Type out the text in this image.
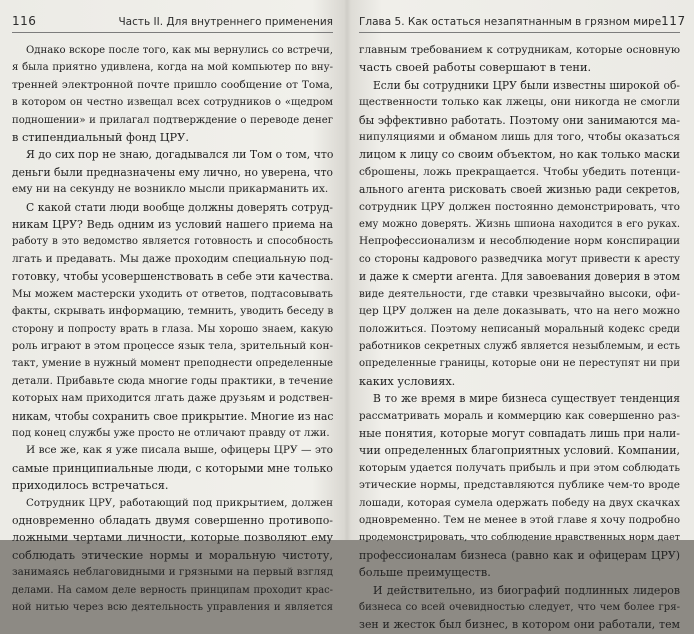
116	Часть II. Для внутреннего применения
Однако вскоре после того, как мы вернулись со встречи,
я была приятно удивлена, когда на мой компьютер по вну-
тренней электронной почте пришло сообщение от Тома,
в котором он честно извещал всех сотрудников о «щедром
подношении» и прилагал подтверждение о переводе денег
в стипендиальный фонд ЦРУ.
Я до сих пор не знаю, догадывался ли Том о том, что
деньги были предназначены ему лично, но уверена, что
ему ни на секунду не возникло мысли прикарманить их.
С какой стати люди вообще должны доверять сотруд-
никам ЦРУ? Ведь одним из условий нашего приема на
работу в это ведомство является готовность и способность
лгать и предавать. Мы даже проходим специальную под-
готовку, чтобы усовершенствовать в себе эти качества.
Мы можем мастерски уходить от ответов, подтасовывать
факты, скрывать информацию, темнить, уводить беседу в
сторону и попросту врать в глаза. Мы хорошо знаем, какую
роль играют в этом процессе язык тела, зрительный кон-
такт, умение в нужный момент преподнести определенные
детали. Прибавьте сюда многие годы практики, в течение
которых нам приходится лгать даже друзьям и родствен-
никам, чтобы сохранить свое прикрытие. Многие из нас
под конец службы уже просто не отличают правду от лжи.
И все же, как я уже писала выше, офицеры ЦРУ — это
самые принципиальные люди, с которыми мне только
приходилось встречаться.
Сотрудник ЦРУ, работающий под прикрытием, должен
одновременно обладать двумя совершенно противопо-
ложными чертами личности, которые позволяют ему
соблюдать этические нормы и моральную чистоту,
занимаясь неблаговидными и грязными на первый взгляд
делами. На самом деле верность принципам проходит крас-
ной нитью через всю деятельность управления и является
Глава 5. Как остаться незапятнанным в грязном мире 117
главным требованием к сотрудникам, которые основную
часть своей работы совершают в тени.
Если бы сотрудники ЦРУ были известны широкой об-
щественности только как лжецы, они никогда не смогли
бы эффективно работать. Поэтому они занимаются ма-
нипуляциями и обманом лишь для того, чтобы оказаться
лицом к лицу со своим объектом, но как только маски
сброшены, ложь прекращается. Чтобы убедить потенци-
ального агента рисковать своей жизнью ради секретов,
сотрудник ЦРУ должен постоянно демонстрировать, что
ему можно доверять. Жизнь шпиона находится в его руках.
Непрофессионализм и несоблюдение норм конспирации
со стороны кадрового разведчика могут привести к аресту
и даже к смерти агента. Для завоевания доверия в этом
виде деятельности, где ставки чрезвычайно высоки, офи-
цер ЦРУ должен на деле доказывать, что на него можно
положиться. Поэтому неписаный моральный кодекс среди
работников секретных служб является незыблемым, и есть
определенные границы, которые они не переступят ни при
каких условиях.
В то же время в мире бизнеса существует тенденция
рассматривать мораль и коммерцию как совершенно раз-
ные понятия, которые могут совпадать лишь при нали-
чии определенных благоприятных условий. Компании,
которым удается получать прибыль и при этом соблюдать
этические нормы, представляются публике чем-то вроде
лошади, которая сумела одержать победу на двух скачках
одновременно. Тем не менее в этой главе я хочу подробно
продемонстрировать, что соблюдение нравственных норм дает
профессионалам бизнеса (равно как и офицерам ЦРУ)
больше преимуществ.
И действительно, из биографий подлинных лидеров
бизнеса со всей очевидностью следует, что чем более гря-
зен и жесток был бизнес, в котором они работали, тем
